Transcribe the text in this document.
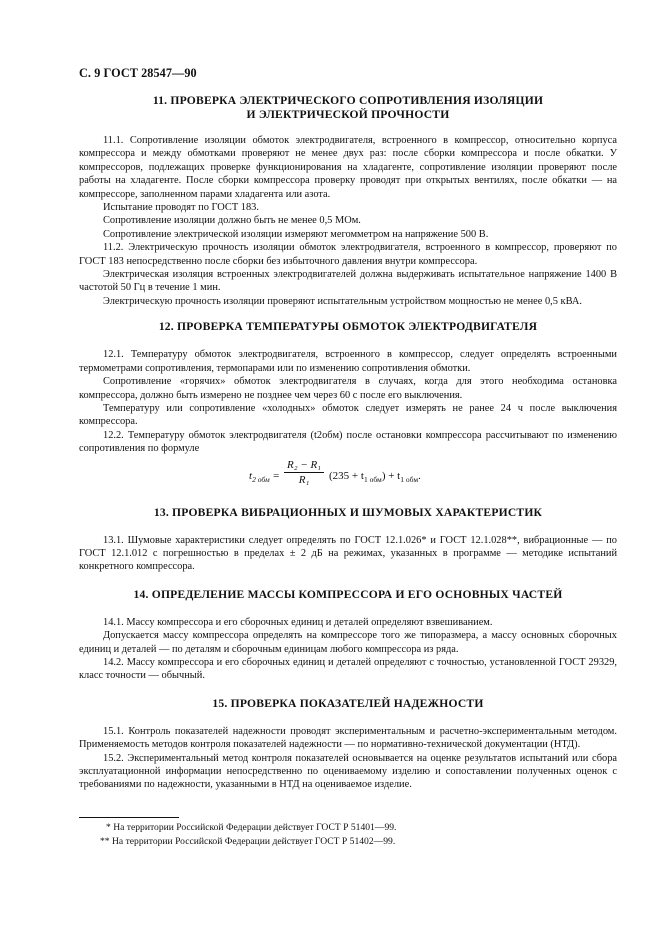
С. 9 ГОСТ 28547—90

11. ПРОВЕРКА ЭЛЕКТРИЧЕСКОГО СОПРОТИВЛЕНИЯ ИЗОЛЯЦИИ

И ЭЛЕКТРИЧЕСКОЙ ПРОЧНОСТИ

11.1. Сопротивление изоляции обмоток электродвигателя, встроенного в компрессор, относительно корпуса компрессора и между обмотками проверяют не менее двух раз: после сборки компрессора и после обкатки. У компрессоров, подлежащих проверке функционирования на хладагенте, сопротивление изоляции проверяют после работы на хладагенте. После сборки компрессора проверку проводят при открытых вентилях, после обкатки — на компрессоре, заполненном парами хладагента или азота.

Испытание проводят по ГОСТ 183.

Сопротивление изоляции должно быть не менее 0,5 МОм.

Сопротивление электрической изоляции измеряют мегомметром на напряжение 500 В.

11.2. Электрическую прочность изоляции обмоток электродвигателя, встроенного в компрессор, проверяют по ГОСТ 183 непосредственно после сборки без избыточного давления внутри компрессора.

Электрическая изоляция встроенных электродвигателей должна выдерживать испытательное напряжение 1400 В частотой 50 Гц в течение 1 мин.

Электрическую прочность изоляции проверяют испытательным устройством мощностью не менее 0,5 кВА.

12. ПРОВЕРКА ТЕМПЕРАТУРЫ ОБМОТОК ЭЛЕКТРОДВИГАТЕЛЯ

12.1. Температуру обмоток электродвигателя, встроенного в компрессор, следует определять встроенными термометрами сопротивления, термопарами или по изменению сопротивления обмотки.

Сопротивление «горячих» обмоток электродвигателя в случаях, когда для этого необходима остановка компрессора, должно быть измерено не позднее чем через 60 с после его выключения.

Температуру или сопротивление «холодных» обмоток следует измерять не ранее 24 ч после выключения компрессора.

12.2. Температуру обмоток электродвигателя (t2обм) после остановки компрессора рассчитывают по изменению сопротивления по формуле

$t_{2 обм} = \frac{\text{R₂ − R₁}}{\text{R₁}} (235 + t_{1 обм}) + t_{1 обм}$.

13. ПРОВЕРКА ВИБРАЦИОННЫХ И ШУМОВЫХ ХАРАКТЕРИСТИК

13.1. Шумовые характеристики следует определять по ГОСТ 12.1.026* и ГОСТ 12.1.028**, вибрационные — по ГОСТ 12.1.012 с погрешностью в пределах ± 2 дБ на режимах, указанных в программе — методике испытаний конкретного компрессора.

14. ОПРЕДЕЛЕНИЕ МАССЫ КОМПРЕССОРА И ЕГО ОСНОВНЫХ ЧАСТЕЙ

14.1. Массу компрессора и его сборочных единиц и деталей определяют взвешиванием.

Допускается массу компрессора определять на компрессоре того же типоразмера, а массу основных сборочных единиц и деталей — по деталям и сборочным единицам любого компрессора из ряда.

14.2. Массу компрессора и его сборочных единиц и деталей определяют с точностью, установленной ГОСТ 29329, класс точности — обычный.

15. ПРОВЕРКА ПОКАЗАТЕЛЕЙ НАДЕЖНОСТИ

15.1. Контроль показателей надежности проводят экспериментальным и расчетно-экспериментальным методом. Применяемость методов контроля показателей надежности — по нормативно-технической документации (НТД).

15.2. Экспериментальный метод контроля показателей основывается на оценке результатов испытаний или сбора эксплуатационной информации непосредственно по оцениваемому изделию и сопоставлении полученных оценок с требованиями по надежности, указанными в НТД на оцениваемое изделие.

* На территории Российской Федерации действует ГОСТ Р 51401—99.
** На территории Российской Федерации действует ГОСТ Р 51402—99.
